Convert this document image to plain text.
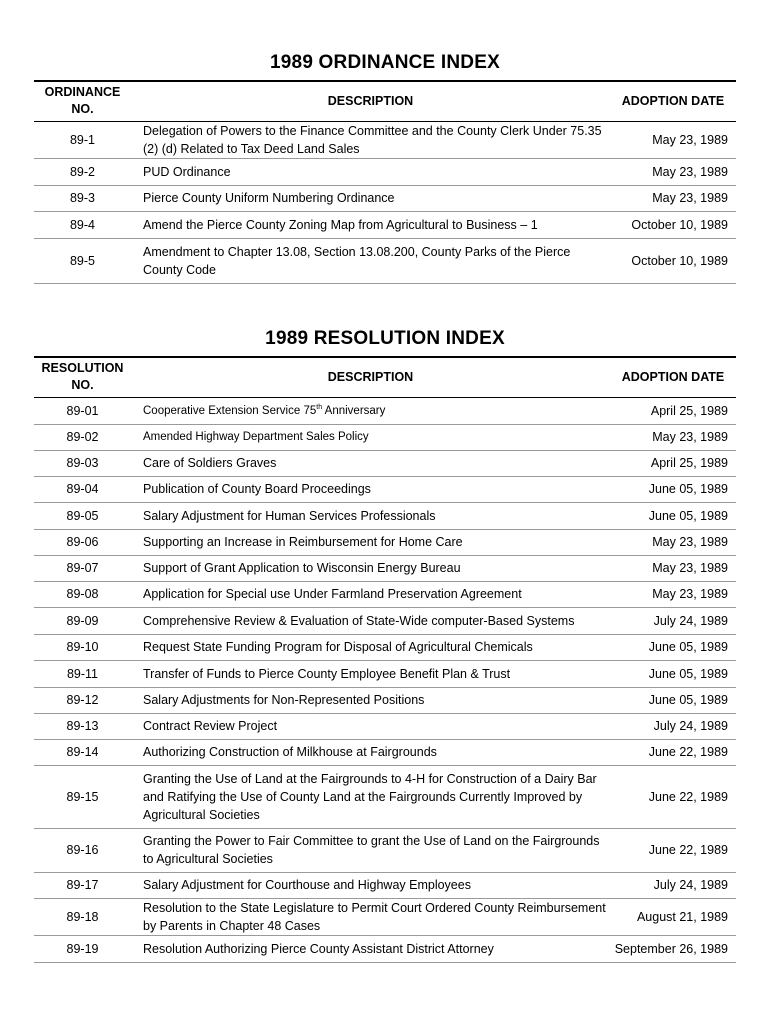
1989 ORDINANCE INDEX
ORDINANCE NO.	DESCRIPTION	ADOPTION DATE
89-1	Delegation of Powers to the Finance Committee and the County Clerk Under 75.35 (2) (d) Related to Tax Deed Land Sales	May 23, 1989
89-2	PUD Ordinance	May 23, 1989
89-3	Pierce County Uniform Numbering Ordinance	May 23, 1989
89-4	Amend the Pierce County Zoning Map from Agricultural to Business – 1	October 10, 1989
89-5	Amendment to Chapter 13.08, Section 13.08.200, County Parks of the Pierce County Code	October 10, 1989
1989 RESOLUTION INDEX
RESOLUTION NO.	DESCRIPTION	ADOPTION DATE
89-01	Cooperative Extension Service 75th Anniversary	April 25, 1989
89-02	Amended Highway Department Sales Policy	May 23, 1989
89-03	Care of Soldiers Graves	April 25, 1989
89-04	Publication of County Board Proceedings	June 05, 1989
89-05	Salary Adjustment for Human Services Professionals	June 05, 1989
89-06	Supporting an Increase in Reimbursement for Home Care	May 23, 1989
89-07	Support of Grant Application to Wisconsin Energy Bureau	May 23, 1989
89-08	Application for Special use Under Farmland Preservation Agreement	May 23, 1989
89-09	Comprehensive Review & Evaluation of State-Wide computer-Based Systems	July 24, 1989
89-10	Request State Funding Program for Disposal of Agricultural Chemicals	June 05, 1989
89-11	Transfer of Funds to Pierce County Employee Benefit Plan & Trust	June 05, 1989
89-12	Salary Adjustments for Non-Represented Positions	June 05, 1989
89-13	Contract Review Project	July 24, 1989
89-14	Authorizing Construction of Milkhouse at Fairgrounds	June 22, 1989
89-15	Granting the Use of Land at the Fairgrounds to 4-H for Construction of a Dairy Bar and Ratifying the Use of County Land at the Fairgrounds Currently Improved by Agricultural Societies	June 22, 1989
89-16	Granting the Power to Fair Committee to grant the Use of Land on the Fairgrounds to Agricultural Societies	June 22, 1989
89-17	Salary Adjustment for Courthouse and Highway Employees	July 24, 1989
89-18	Resolution to the State Legislature to Permit Court Ordered County Reimbursement by Parents in Chapter 48 Cases	August 21, 1989
89-19	Resolution Authorizing Pierce County Assistant District Attorney	September 26, 1989
